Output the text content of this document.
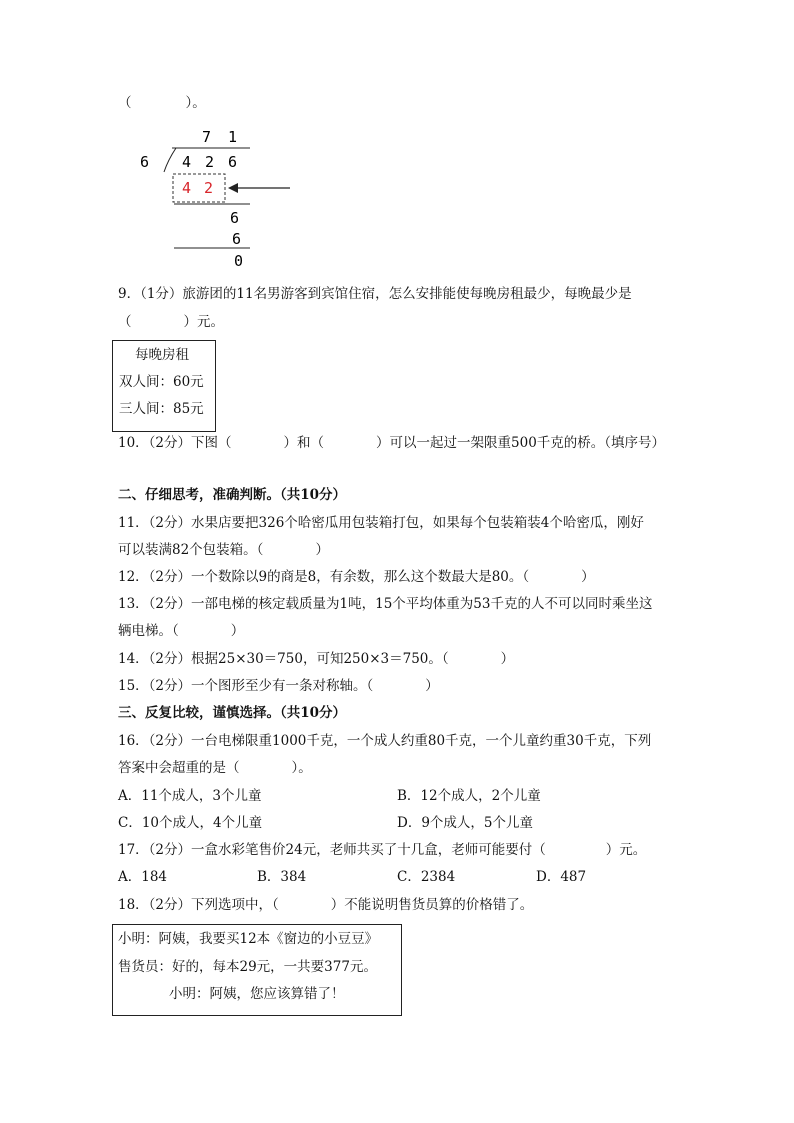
（　　　　）。
7 1
6 4 2 6
4 2
6
6
0
9．（1分）旅游团的11名男游客到宾馆住宿，怎么安排能使每晚房租最少，每晚最少是
（	）元。
每晚房租
双人间：60元
三人间：85元
10．（2分）下图（	）和（	）可以一起过一架限重500千克的桥。（填序号）
二、仔细思考，准确判断。（共10分）
11．（2分）水果店要把326个哈密瓜用包装箱打包，如果每个包装箱装4个哈密瓜，刚好
可以装满82个包装箱。（	）
12．（2分）一个数除以9的商是8，有余数，那么这个数最大是80。（	）
13．（2分）一部电梯的核定载质量为1吨，15个平均体重为53千克的人不可以同时乘坐这
辆电梯。（	）
14．（2分）根据25×30＝750，可知250×3＝750。（	）
15．（2分）一个图形至少有一条对称轴。（	）
三、反复比较，谨慎选择。（共10分）
16．（2分）一台电梯限重1000千克，一个成人约重80千克，一个儿童约重30千克，下列
答案中会超重的是（	）。
A．11个成人，3个儿童	B．12个成人，2个儿童
C．10个成人，4个儿童	D．9个成人，5个儿童
17．（2分）一盒水彩笔售价24元，老师共买了十几盒，老师可能要付（	）元。
A．184	B．384	C．2384	D．487
18．（2分）下列选项中，（	）不能说明售货员算的价格错了。
小明：阿姨，我要买12本《窗边的小豆豆》
售货员：好的，每本29元，一共要377元。
小明：阿姨，您应该算错了！
